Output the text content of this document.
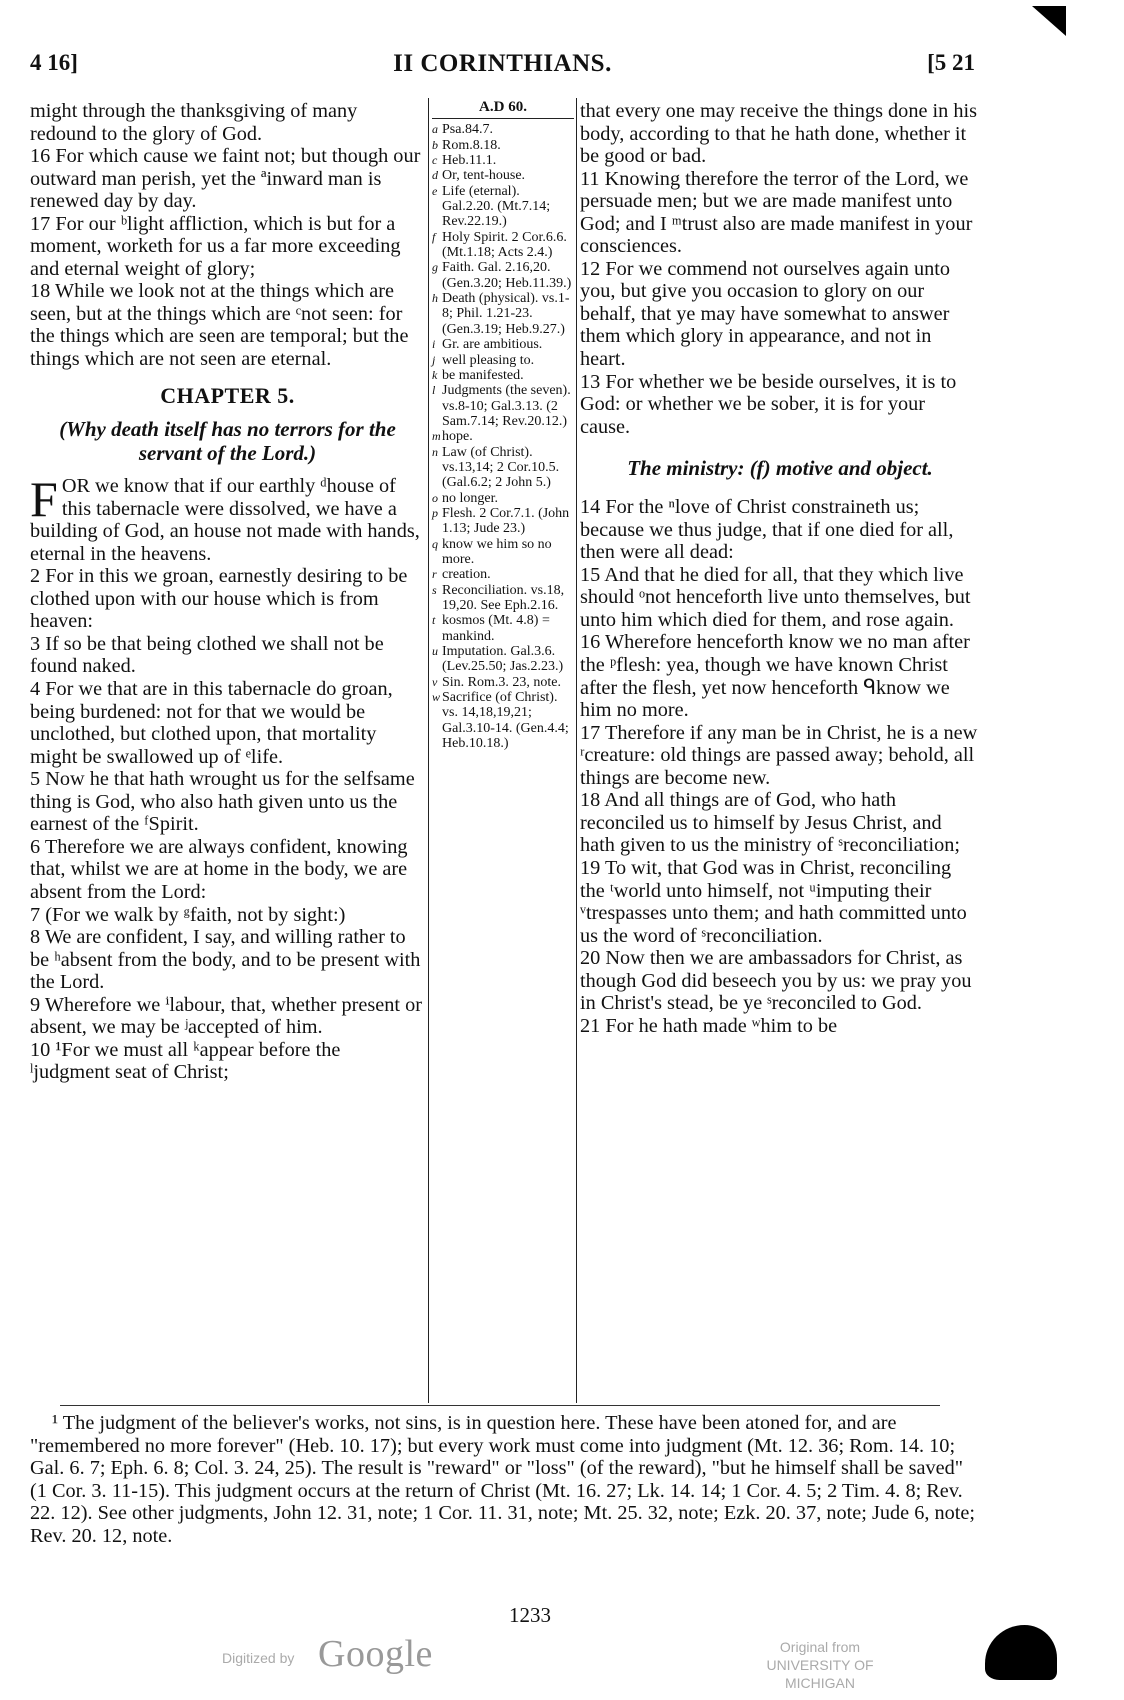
II CORINTHIANS.
4 16]	[5 21

might through the thanksgiving of many redound to the glory of God.

16 For which cause we faint not; but though our outward man perish, yet the ªinward man is renewed day by day.

17 For our ᵇlight affliction, which is but for a moment, worketh for us a far more exceeding and eternal weight of glory;

18 While we look not at the things which are seen, but at the things which are ᶜnot seen: for the things which are seen are temporal; but the things which are not seen are eternal.

CHAPTER 5.
(Why death itself has no terrors for the servant of the Lord.)
F OR we know that if our earthly ᵈhouse of this tabernacle were dissolved, we have a building of God, an house not made with hands, eternal in the heavens.

2 For in this we groan, earnestly desiring to be clothed upon with our house which is from heaven:

3 If so be that being clothed we shall not be found naked.

4 For we that are in this tabernacle do groan, being burdened: not for that we would be unclothed, but clothed upon, that mortality might be swallowed up of ᵉlife.

5 Now he that hath wrought us for the selfsame thing is God, who also hath given unto us the earnest of the ᶠSpirit.

6 Therefore we are always confident, knowing that, whilst we are at home in the body, we are absent from the Lord:

7 (For we walk by ᵍfaith, not by sight:)

8 We are confident, I say, and willing rather to be ʰabsent from the body, and to be present with the Lord.

9 Wherefore we ⁱlabour, that, whether present or absent, we may be ʲaccepted of him.

10 ¹For we must all ᵏappear before the ˡjudgment seat of Christ;

A.D 60.
a Psa.84.7.
b Rom.8.18.
c Heb.11.1.
d Or, tent-house.
e Life (eternal). Gal.2.20. (Mt.7.14; Rev.22.19.)
f Holy Spirit. 2 Cor.6.6. (Mt.1.18; Acts 2.4.)
g Faith. Gal. 2.16,20. (Gen.3.20; Heb.11.39.)
h Death (physical). vs.1-8; Phil. 1.21-23. (Gen.3.19; Heb.9.27.)
i Gr. are ambitious.
j well pleasing to.
k be manifested.
l Judgments (the seven). vs.8-10; Gal.3.13. (2 Sam.7.14; Rev.20.12.)
m hope.
n Law (of Christ). vs.13,14; 2 Cor.10.5. (Gal.6.2; 2 John 5.)
o no longer.
p Flesh. 2 Cor.7.1. (John 1.13; Jude 23.)
q know we him so no more.
r creation.
s Reconciliation. vs.18, 19,20. See Eph.2.16.
t kosmos (Mt. 4.8) = mankind.
u Imputation. Gal.3.6. (Lev.25.50; Jas.2.23.)
v Sin. Rom.3. 23, note.
w Sacrifice (of Christ). vs. 14,18,19,21; Gal.3.10-14. (Gen.4.4; Heb.10.18.)

that every one may receive the things done in his body, according to that he hath done, whether it be good or bad.

11 Knowing therefore the terror of the Lord, we persuade men; but we are made manifest unto God; and I ᵐtrust also are made manifest in your consciences.

12 For we commend not ourselves again unto you, but give you occasion to glory on our behalf, that ye may have somewhat to answer them which glory in appearance, and not in heart.

13 For whether we be beside ourselves, it is to God: or whether we be sober, it is for your cause.

The ministry: (f) motive and object.

14 For the ⁿlove of Christ constraineth us; because we thus judge, that if one died for all, then were all dead:

15 And that he died for all, that they which live should ᵒnot henceforth live unto themselves, but unto him which died for them, and rose again.

16 Wherefore henceforth know we no man after the ᵖflesh: yea, though we have known Christ after the flesh, yet now henceforth ᑫknow we him no more.

17 Therefore if any man be in Christ, he is a new ʳcreature: old things are passed away; behold, all things are become new.

18 And all things are of God, who hath reconciled us to himself by Jesus Christ, and hath given to us the ministry of ˢreconciliation;

19 To wit, that God was in Christ, reconciling the ᵗworld unto himself, not ᵘimputing their ᵛtrespasses unto them; and hath committed unto us the word of ˢreconciliation.

20 Now then we are ambassadors for Christ, as though God did beseech you by us: we pray you in Christ's stead, be ye ˢreconciled to God.

21 For he hath made ʷhim to be

¹ The judgment of the believer's works, not sins, is in question here. These have been atoned for, and are "remembered no more forever" (Heb. 10. 17); but every work must come into judgment (Mt. 12. 36; Rom. 14. 10; Gal. 6. 7; Eph. 6. 8; Col. 3. 24, 25). The result is "reward" or "loss" (of the reward), "but he himself shall be saved" (1 Cor. 3. 11-15). This judgment occurs at the return of Christ (Mt. 16. 27; Lk. 14. 14; 1 Cor. 4. 5; 2 Tim. 4. 8; Rev. 22. 12). See other judgments, John 12. 31, note; 1 Cor. 11. 31, note; Mt. 25. 32, note; Ezk. 20. 37, note; Jude 6, note; Rev. 20. 12, note.

1233
Digitized by Google	Original from
UNIVERSITY OF MICHIGAN
